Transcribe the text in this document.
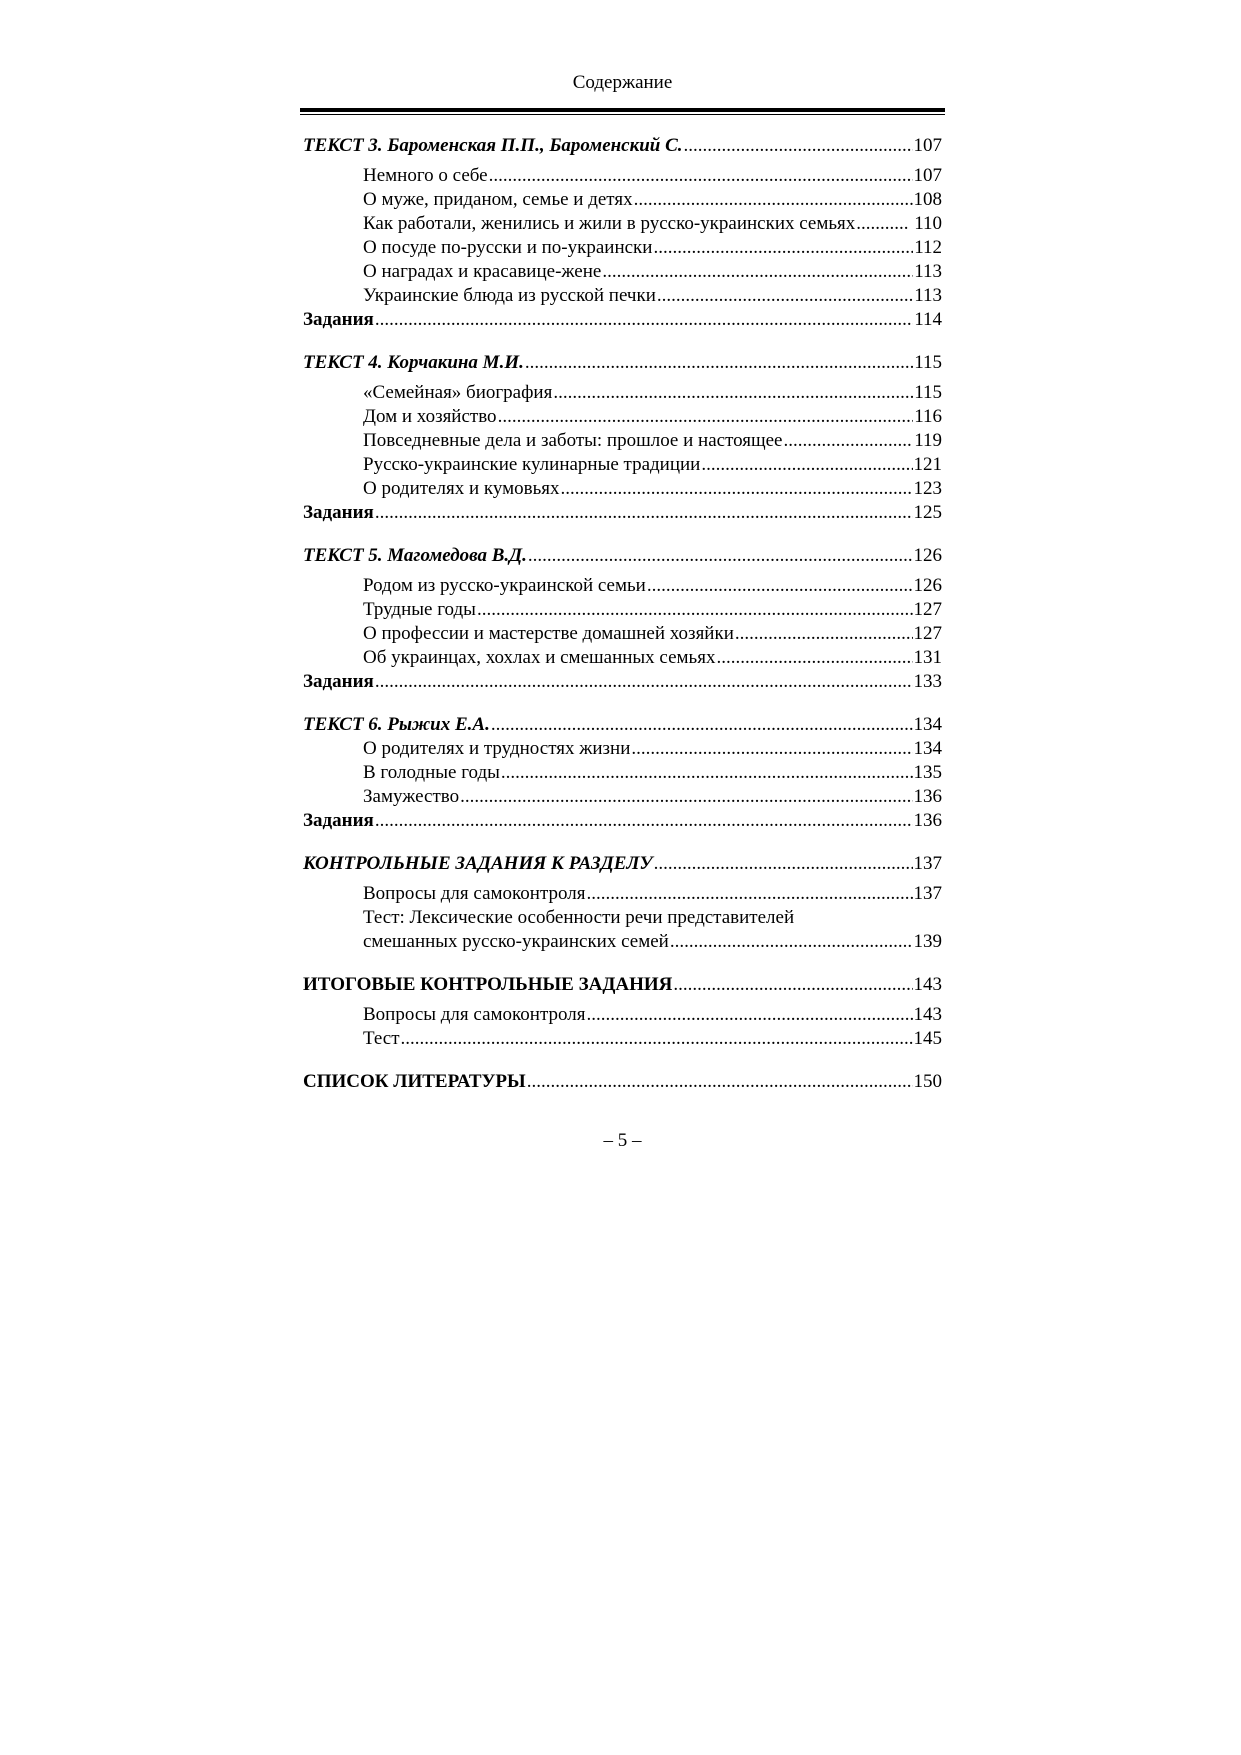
Содержание
ТЕКСТ 3. Бароменская П.П., Бароменский С. .....	107
Немного о себе .....	107
О муже, приданом, семье и детях .....	108
Как работали, женились и жили в русско-украинских семьях .....	110
О посуде по-русски и по-украински .....	112
О наградах и красавице-жене .....	113
Украинские блюда из русской печки .....	113
Задания .....	114
ТЕКСТ 4. Корчакина М.И. .....	115
«Семейная» биография .....	115
Дом и хозяйство .....	116
Повседневные дела и заботы: прошлое и настоящее .....	119
Русско-украинские кулинарные традиции .....	121
О родителях и кумовьях .....	123
Задания .....	125
ТЕКСТ 5. Магомедова В.Д. .....	126
Родом из русско-украинской семьи .....	126
Трудные годы .....	127
О профессии и мастерстве домашней хозяйки .....	127
Об украинцах, хохлах и смешанных семьях .....	131
Задания .....	133
ТЕКСТ 6. Рыжих Е.А. .....	134
О родителях и трудностях жизни .....	134
В голодные годы .....	135
Замужество .....	136
Задания .....	136
КОНТРОЛЬНЫЕ ЗАДАНИЯ К РАЗДЕЛУ .....	137
Вопросы для самоконтроля .....	137
Тест: Лексические особенности речи представителей
смешанных русско-украинских семей .....	139
ИТОГОВЫЕ КОНТРОЛЬНЫЕ ЗАДАНИЯ .....	143
Вопросы для самоконтроля .....	143
Тест .....	145
СПИСОК ЛИТЕРАТУРЫ .....	150
– 5 –
